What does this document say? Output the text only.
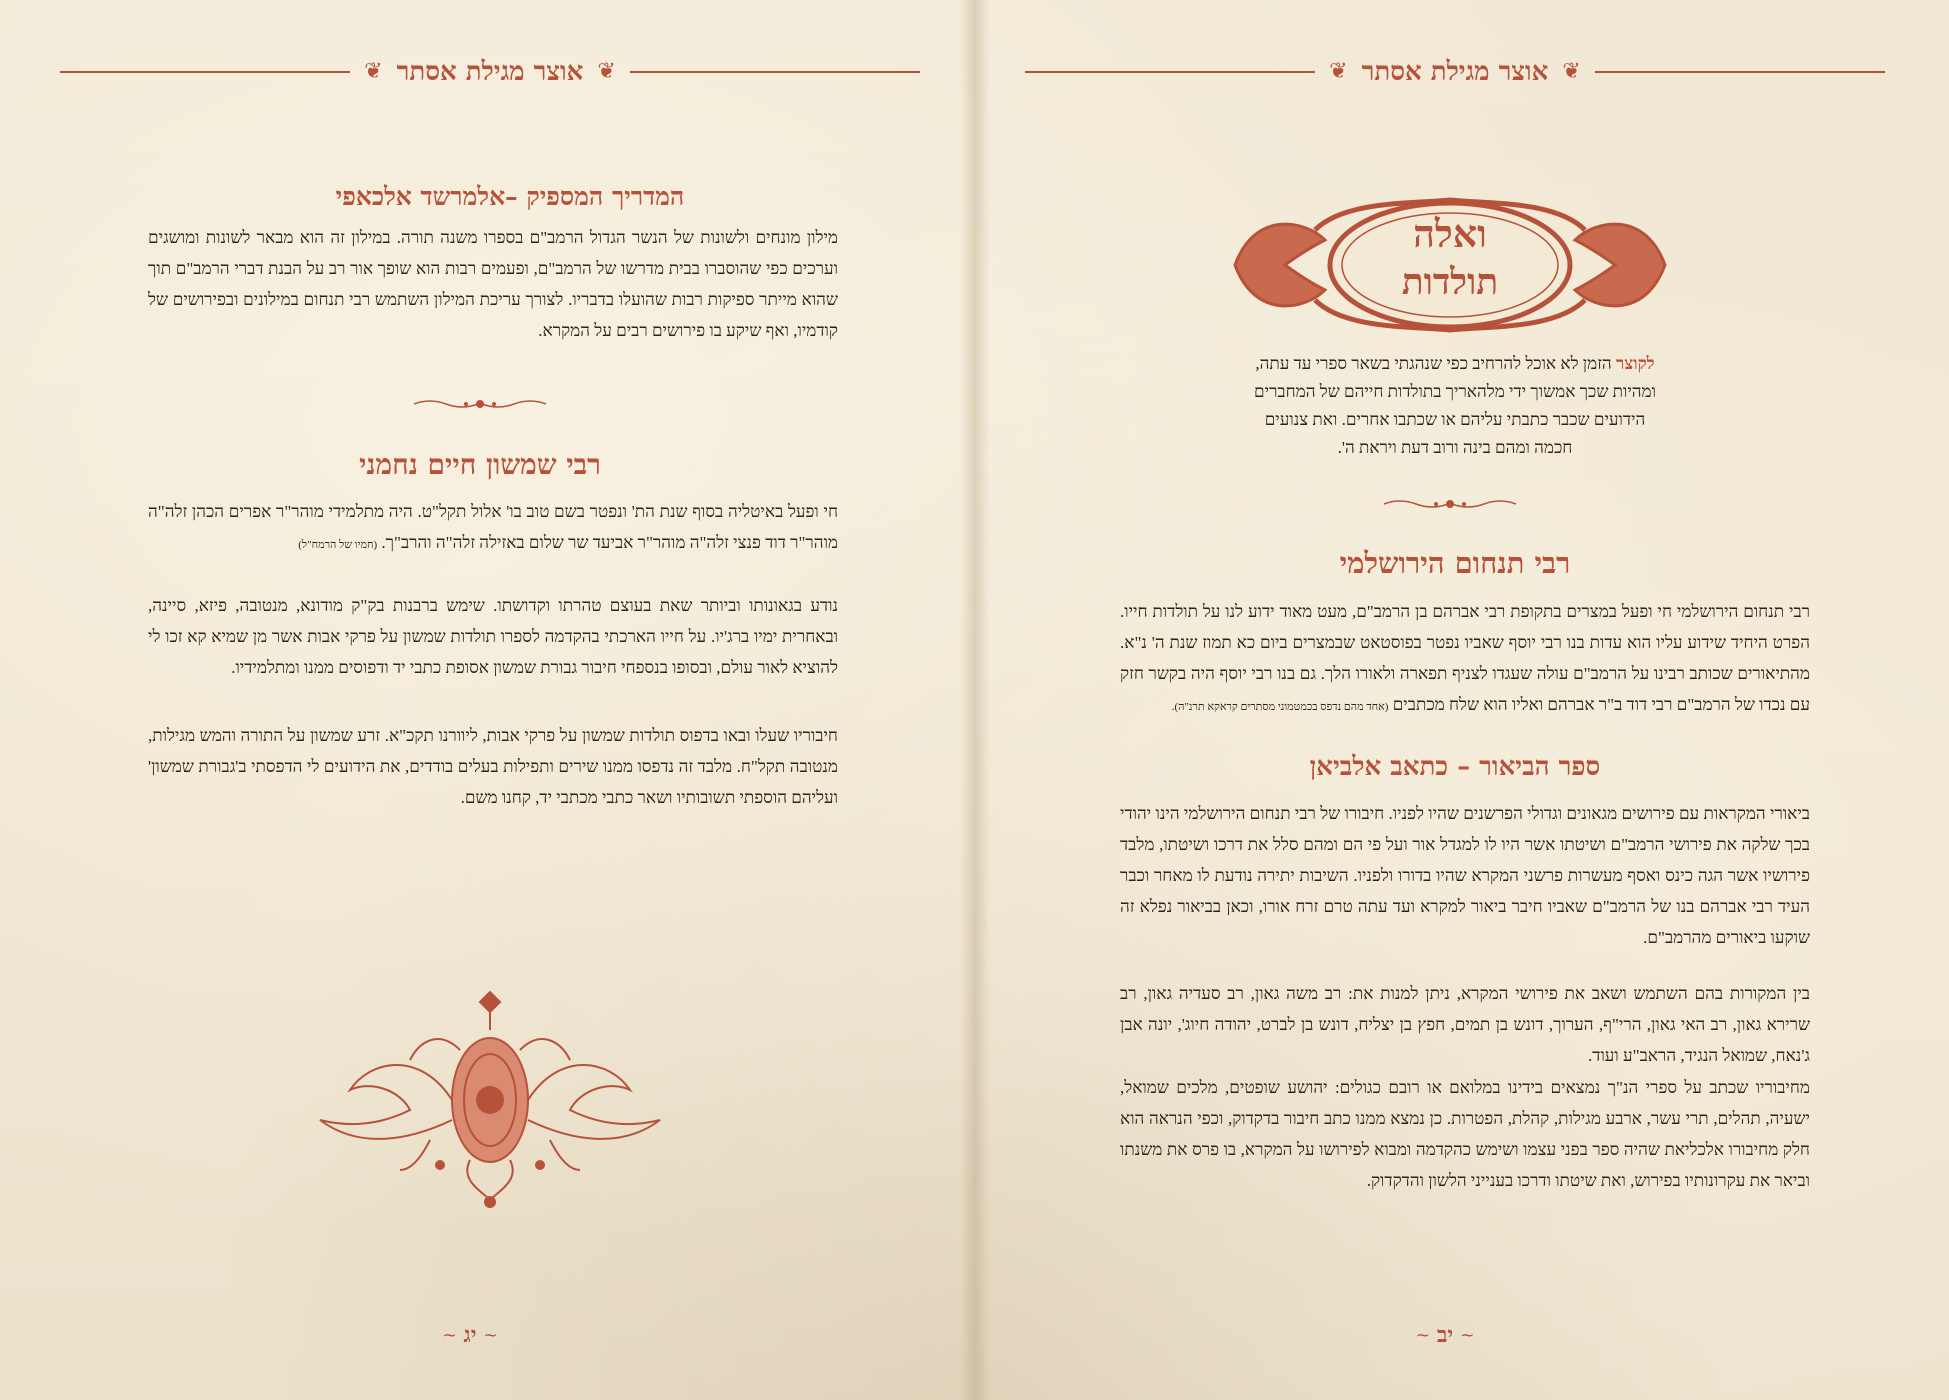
❦
אוצר מגילת אסתר
❦
המדריך המספיק –אלמרשד אלכאפי

מילון מונחים ולשונות של הנשר הגדול הרמב"ם בספרו משנה תורה. במילון זה הוא מבאר לשונות ומושגים וערכים כפי שהוסברו בבית מדרשו של הרמב"ם, ופעמים רבות הוא שופך אור רב על הבנת דברי הרמב"ם תוך שהוא מייתר ספיקות רבות שהועלו בדבריו. לצורך עריכת המילון השתמש רבי תנחום במילונים ובפירושים של קודמיו, ואף שיקע בו פירושים רבים על המקרא.

רבי שמשון חיים נחמני

חי ופעל באיטליה בסוף שנת הת' ונפטר בשם טוב בו' אלול תקל"ט. היה מתלמידי מוהר"ר אפרים הכהן זלה"ה מוהר"ר דוד פנצי זלה"ה מוהר"ר אביעד שר שלום באזילה זלה"ה והרב"ך. (חמיו של הרמח"ל)

נודע בגאונותו וביותר שאת בעוצם טהרתו וקדושתו. שימש ברבנות בק"ק מודונא, מנטובה, פיזא, סיינה, ובאחרית ימיו ברג'יו. על חייו הארכתי בהקדמה לספרו תולדות שמשון על פרקי אבות אשר מן שמיא קא זכו לי להוציא לאור עולם, ובסופו בנספחי חיבור גבורת שמשון אסופת כתבי יד ודפוסים ממנו ומתלמידיו.

חיבוריו שעלו ובאו בדפוס תולדות שמשון על פרקי אבות, ליוורנו תקכ"א. זרע שמשון על התורה והמש מגילות, מנטובה תקל"ח. מלבד זה נדפסו ממנו שירים ותפילות בעלים בודדים, את הידועים לי הדפסתי ב'גבורת שמשון' ועליהם הוספתי תשובותיו ושאר כתבי מכתבי יד, קחנו משם.

⁓
יג
⁓
❦
אוצר מגילת אסתר
❦
ואלה
תולדות

לקוצר הזמן לא אוכל להרחיב כפי שנהגתי בשאר ספרי עד עתה, ומהיות שכך אמשוך ידי מלהאריך בתולדות חייהם של המחברים הידועים שכבר כתבתי עליהם או שכתבו אחרים. ואת צנועים חכמה ומהם בינה ורוב דעת ויראת ה'.

רבי תנחום הירושלמי

רבי תנחום הירושלמי חי ופעל במצרים בתקופת רבי אברהם בן הרמב"ם, מעט מאוד ידוע לנו על תולדות חייו. הפרט היחיד שידוע עליו הוא עדות בנו רבי יוסף שאביו נפטר בפוסטאט שבמצרים ביום כא תמוז שנת ה' נ"א. מהתיאורים שכותב רבינו על הרמב"ם עולה שעגדו לצניף תפארה ולאורו הלך. גם בנו רבי יוסף היה בקשר חזק עם נכדו של הרמב"ם רבי דוד ב"ר אברהם ואליו הוא שלח מכתבים (אחד מהם נדפס בכמטמוני מסתרים קראקא תרנ"ה).

ספר הביאור – כתאב אלביאן

ביאורי המקראות עם פירושים מגאונים וגדולי הפרשנים שהיו לפניו. חיבורו של רבי תנחום הירושלמי הינו יהודי בכך שלקה את פירושי הרמב"ם ושיטתו אשר היו לו למגדל אור ועל פי הם ומהם סלל את דרכו ושיטתו, מלבד פירושיו אשר הגה כינס ואסף מעשרות פרשני המקרא שהיו בדורו ולפניו. השיבות יתירה נודעת לו מאחר וכבר העיד רבי אברהם בנו של הרמב"ם שאביו חיבר ביאור למקרא ועד עתה טרם זרח אורו, וכאן בביאור נפלא זה שוקעו ביאורים מהרמב"ם.

בין המקורות בהם השתמש ושאב את פירושי המקרא, ניתן למנות את: רב משה גאון, רב סעדיה גאון, רב שרירא גאון, רב האי גאון, הרי"ף, הערוך, דונש בן תמים, חפץ בן יצליח, דונש בן לברט, יהודה חיוג', יונה אבן ג'נאח, שמואל הנגיד, הראב"ע ועוד.

מחיבוריו שכתב על ספרי הנ"ך נמצאים בידינו במלואם או רובם כגולים: יהושע שופטים, מלכים שמואל, ישעיה, תהלים, תרי עשר, ארבע מגילות, קהלת, הפטרות. כן נמצא ממנו כתב חיבור בדקדוק, וכפי הנראה הוא חלק מחיבורו אלכליאת שהיה ספר בפני עצמו ושימש כהקדמה ומבוא לפירושו על המקרא, בו פרס את משנתו וביאר את עקרונותיו בפירוש, ואת שיטתו ודרכו בענייני הלשון והדקדוק.

⁓
יב
⁓
